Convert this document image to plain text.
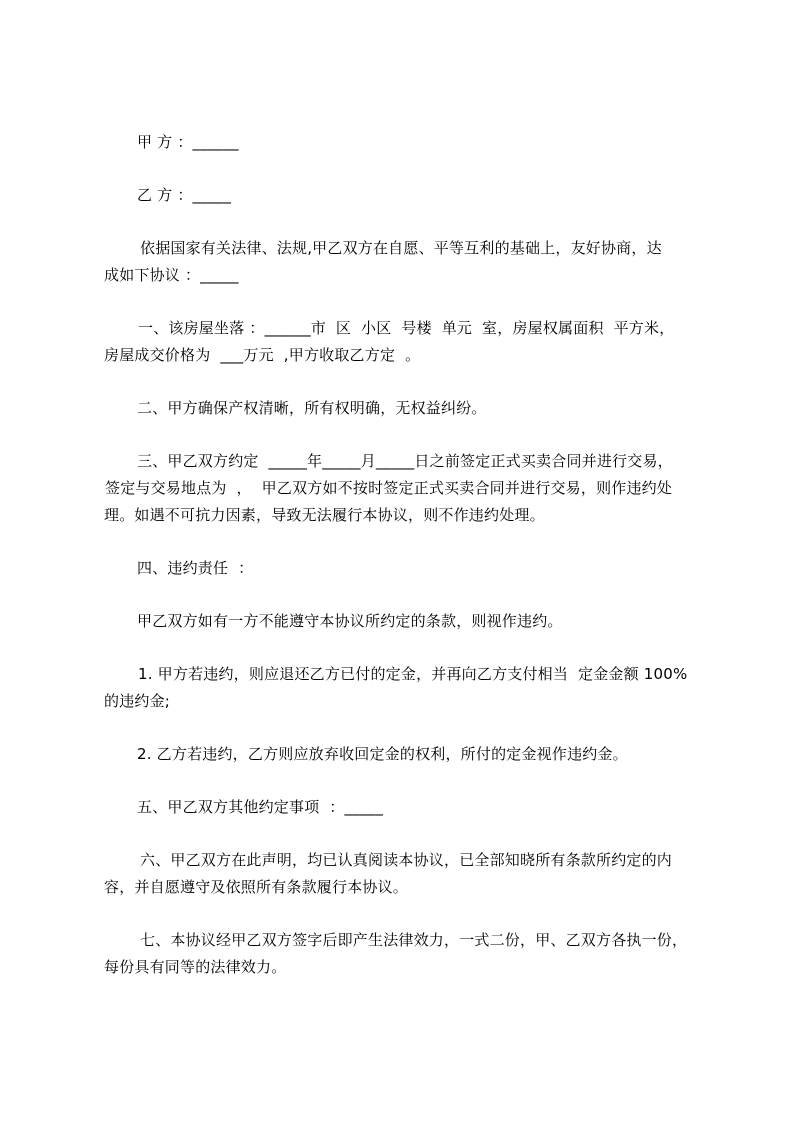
甲 方 ：______
乙 方 ：_____
依据国家有关法律、法规,甲乙双方在自愿、平等互利的基础上，友好协商，达
成如下协议 ：_____
一、该房屋坐落 ：______市  区  小区  号楼  单元  室，房屋权属面积  平方米，
房屋成交价格为  ___万元  ,甲方收取乙方定  。
二、甲方确保产权清晰，所有权明确，无权益纠纷。
三、甲乙双方约定  _____年_____月_____日之前签定正式买卖合同并进行交易，
签定与交易地点为  ，  甲乙双方如不按时签定正式买卖合同并进行交易，则作违约处
理。如遇不可抗力因素，导致无法履行本协议，则不作违约处理。
四、违约责任  ：
甲乙双方如有一方不能遵守本协议所约定的条款，则视作违约。
1. 甲方若违约，则应退还乙方已付的定金，并再向乙方支付相当  定金金额 100%
的违约金;
2. 乙方若违约，乙方则应放弃收回定金的权利，所付的定金视作违约金。
五、甲乙双方其他约定事项  ：_____
六、甲乙双方在此声明，均已认真阅读本协议，已全部知晓所有条款所约定的内
容，并自愿遵守及依照所有条款履行本协议。
七、本协议经甲乙双方签字后即产生法律效力，一式二份，甲、乙双方各执一份，
每份具有同等的法律效力。
